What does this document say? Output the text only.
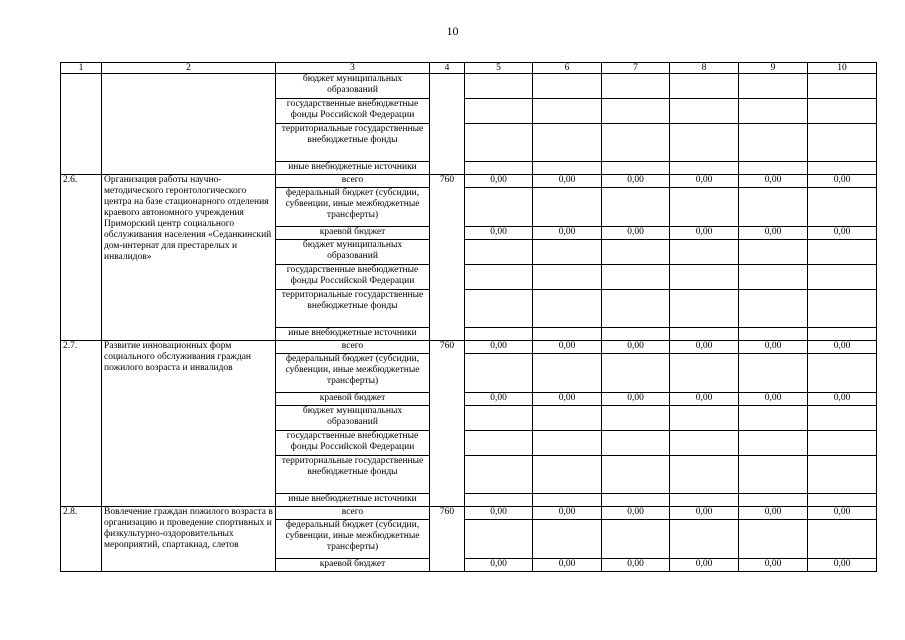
10
1	2	3	4	5	6	7	8	9	10
		бюджет муниципальных образований							
		государственные внебюджетные фонды Российской Федерации							
		территориальные государственные внебюджетные фонды							
		иные внебюджетные источники							
2.6.	Организация работы научно-методического геронтологического центра на базе стационарного отделения краевого автономного учреждения Приморский центр социального обслуживания населения «Седанкинский дом-интернат для престарелых и инвалидов»	всего	760	0,00	0,00	0,00	0,00	0,00	0,00
		федеральный бюджет (субсидии, субвенции, иные межбюджетные трансферты)							
		краевой бюджет		0,00	0,00	0,00	0,00	0,00	0,00
		бюджет муниципальных образований							
		государственные внебюджетные фонды Российской Федерации							
		территориальные государственные внебюджетные фонды							
		иные внебюджетные источники							
2.7.	Развитие инновационных форм социального обслуживания граждан пожилого возраста и инвалидов	всего	760	0,00	0,00	0,00	0,00	0,00	0,00
		федеральный бюджет (субсидии, субвенции, иные межбюджетные трансферты)							
		краевой бюджет		0,00	0,00	0,00	0,00	0,00	0,00
		бюджет муниципальных образований							
		государственные внебюджетные фонды Российской Федерации							
		территориальные государственные внебюджетные фонды							
		иные внебюджетные источники							
2.8.	Вовлечение граждан пожилого возраста в организацию и проведение спортивных и физкультурно-оздоровительных мероприятий, спартакиад, слетов	всего	760	0,00	0,00	0,00	0,00	0,00	0,00
		федеральный бюджет (субсидии, субвенции, иные межбюджетные трансферты)							
		краевой бюджет		0,00	0,00	0,00	0,00	0,00	0,00
